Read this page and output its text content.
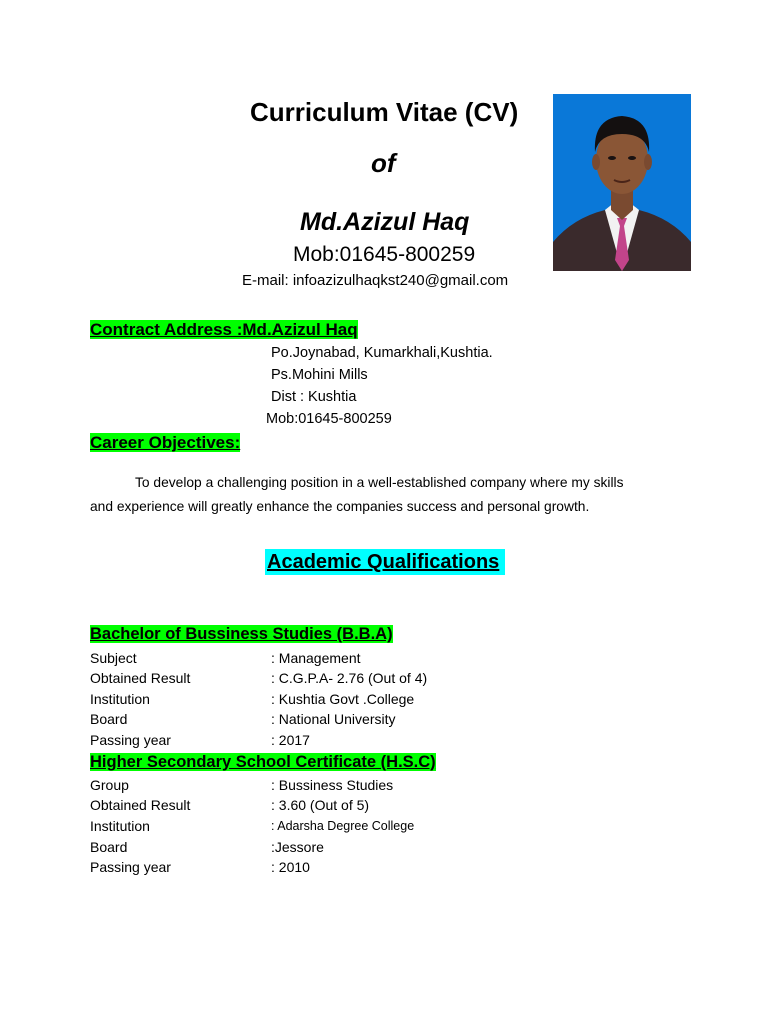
Curriculum Vitae (CV)
of
Md.Azizul Haq
Mob:01645-800259
E-mail: infoazizulhaqkst240@gmail.com
Contract Address :Md.Azizul Haq
Po.Joynabad, Kumarkhali,Kushtia.
Ps.Mohini Mills
Dist : Kushtia
Mob:01645-800259
Career Objectives:
To develop a challenging position in a well-established company where my skills
and experience will greatly enhance the companies success and personal growth.
Academic Qualifications
Bachelor of Bussiness Studies (B.B.A)
Subject	: Management
Obtained Result	: C.G.P.A- 2.76 (Out of 4)
Institution	: Kushtia Govt .College
Board	: National University
Passing year	: 2017
Higher Secondary School Certificate (H.S.C)
Group	: Bussiness Studies
Obtained Result	: 3.60 (Out of 5)
Institution	: Adarsha Degree College
Board	:Jessore
Passing year	: 2010
